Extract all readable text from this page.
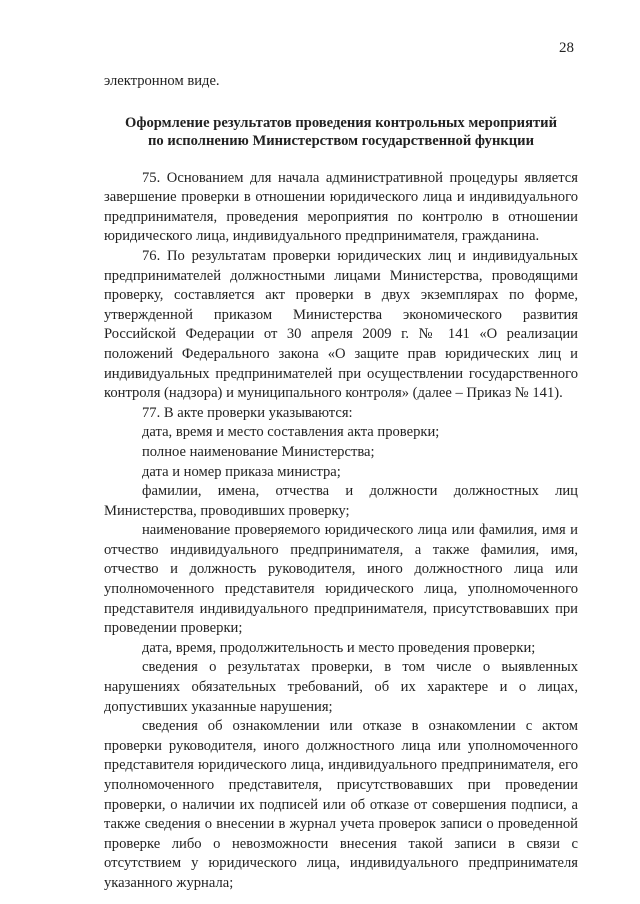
28

электронном виде.

Оформление результатов проведения контрольных мероприятий
по исполнению Министерством государственной функции

75. Основанием для начала административной процедуры является завершение проверки в отношении юридического лица и индивидуального предпринимателя, проведения мероприятия по контролю в отношении юридического лица, индивидуального предпринимателя, гражданина.

76. По результатам проверки юридических лиц и индивидуальных предпринимателей должностными лицами Министерства, проводящими проверку, составляется акт проверки в двух экземплярах по форме, утвержденной приказом Министерства экономического развития Российской Федерации от 30 апреля 2009 г. № 141 «О реализации положений Федерального закона «О защите прав юридических лиц и индивидуальных предпринимателей при осуществлении государственного контроля (надзора) и муниципального контроля» (далее – Приказ № 141).

77. В акте проверки указываются:

дата, время и место составления акта проверки;

полное наименование Министерства;

дата и номер приказа министра;

фамилии, имена, отчества и должности должностных лиц Министерства, проводивших проверку;

наименование проверяемого юридического лица или фамилия, имя и отчество индивидуального предпринимателя, а также фамилия, имя, отчество и должность руководителя, иного должностного лица или уполномоченного представителя юридического лица, уполномоченного представителя индивидуального предпринимателя, присутствовавших при проведении проверки;

дата, время, продолжительность и место проведения проверки;

сведения о результатах проверки, в том числе о выявленных нарушениях обязательных требований, об их характере и о лицах, допустивших указанные нарушения;

сведения об ознакомлении или отказе в ознакомлении с актом проверки руководителя, иного должностного лица или уполномоченного представителя юридического лица, индивидуального предпринимателя, его уполномоченного представителя, присутствовавших при проведении проверки, о наличии их подписей или об отказе от совершения подписи, а также сведения о внесении в журнал учета проверок записи о проведенной проверке либо о невозможности внесения такой записи в связи с отсутствием у юридического лица, индивидуального предпринимателя указанного журнала;
